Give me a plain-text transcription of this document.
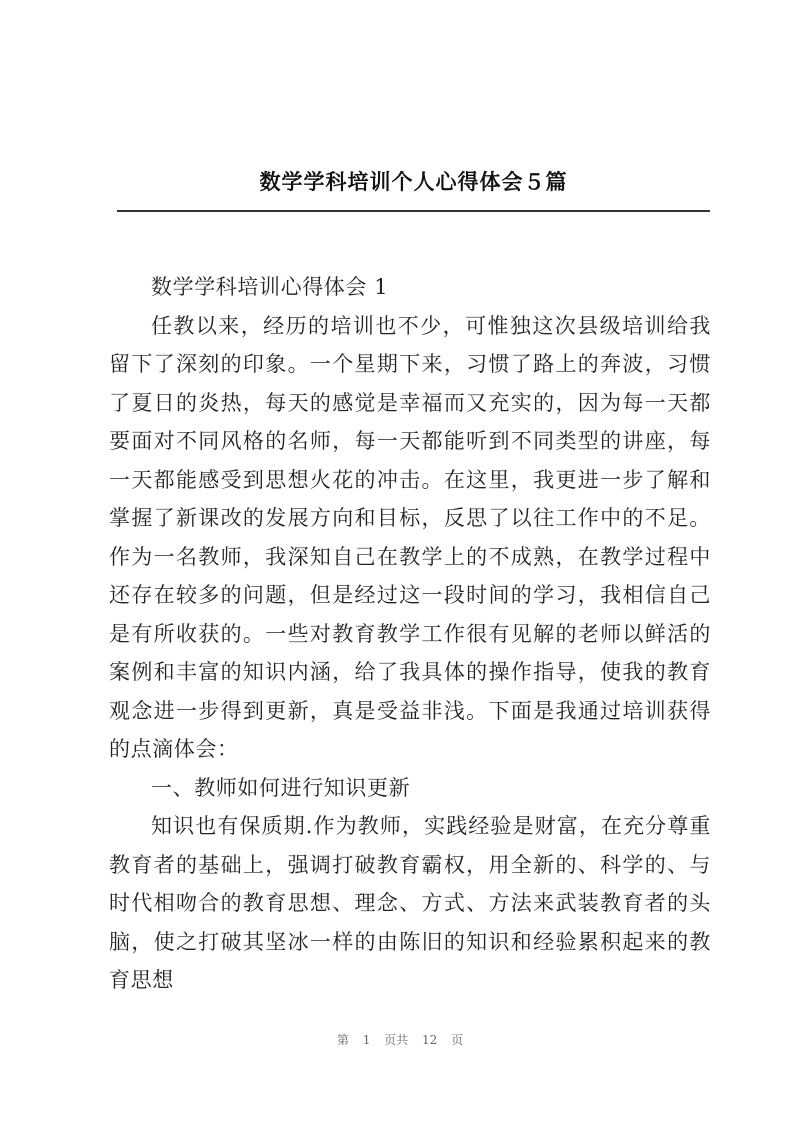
数学学科培训个人心得体会５篇

数学学科培训心得体会 1

任教以来，经历的培训也不少，可惟独这次县级培训给我留下了深刻的印象。一个星期下来，习惯了路上的奔波，习惯了夏日的炎热，每天的感觉是幸福而又充实的，因为每一天都要面对不同风格的名师，每一天都能听到不同类型的讲座，每一天都能感受到思想火花的冲击。在这里，我更进一步了解和掌握了新课改的发展方向和目标，反思了以往工作中的不足。作为一名教师，我深知自己在教学上的不成熟，在教学过程中还存在较多的问题，但是经过这一段时间的学习，我相信自己是有所收获的。一些对教育教学工作很有见解的老师以鲜活的案例和丰富的知识内涵，给了我具体的操作指导，使我的教育观念进一步得到更新，真是受益非浅。下面是我通过培训获得的点滴体会：

一、教师如何进行知识更新

知识也有保质期.作为教师，实践经验是财富，在充分尊重教育者的基础上，强调打破教育霸权，用全新的、科学的、与时代相吻合的教育思想、理念、方式、方法来武装教育者的头脑，使之打破其坚冰一样的由陈旧的知识和经验累积起来的教育思想

第 1 页共 12 页
